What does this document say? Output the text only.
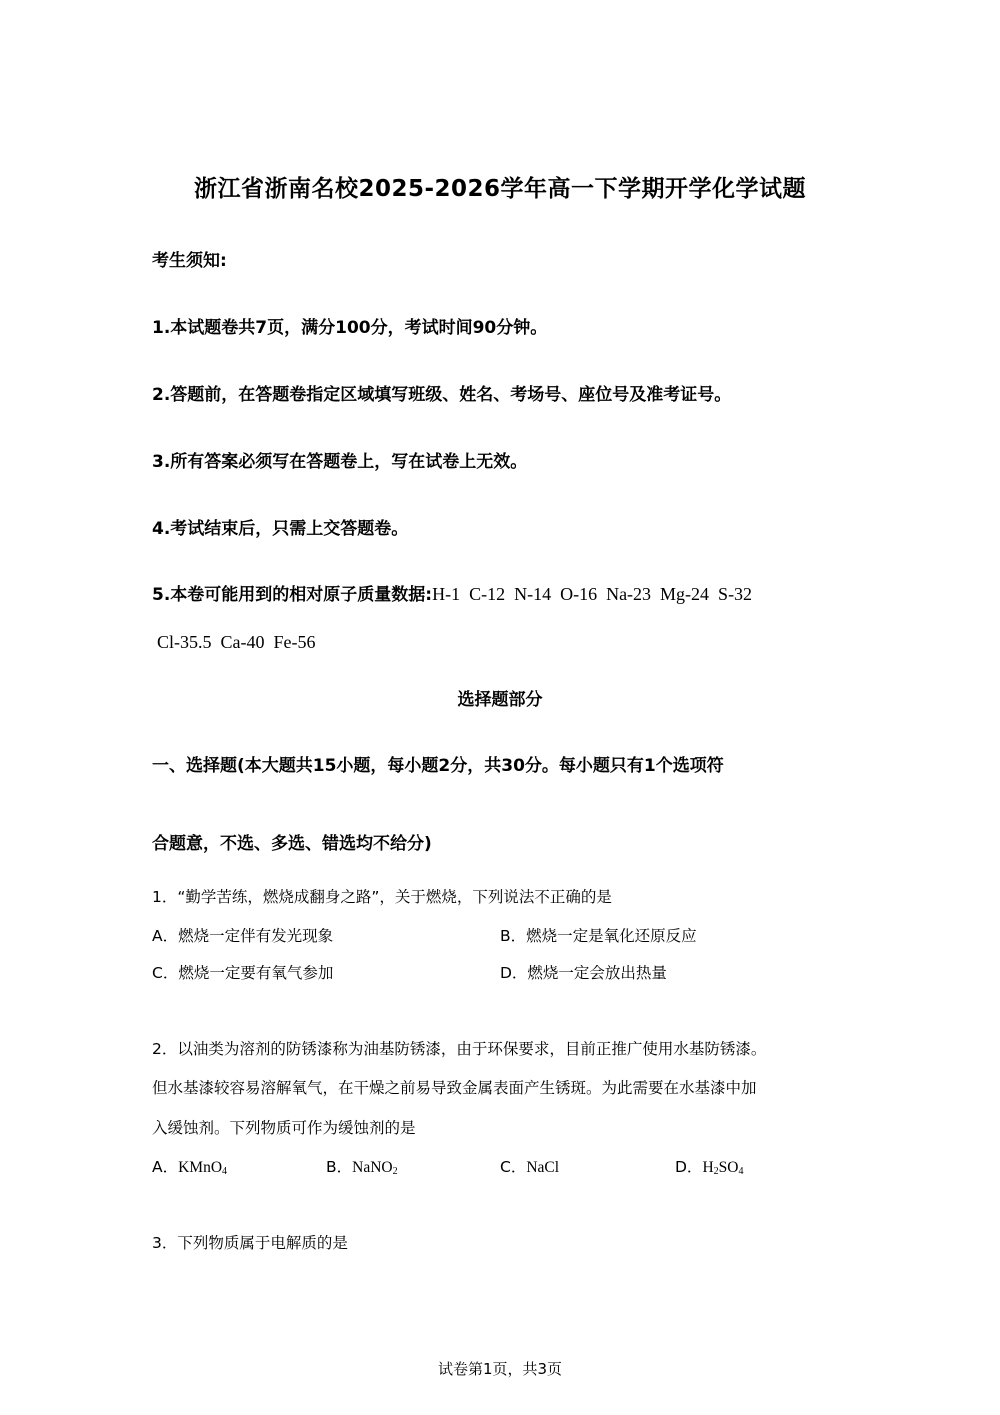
浙江省浙南名校2025-2026学年高一下学期开学化学试题
考生须知:
1.本试题卷共7页，满分100分，考试时间90分钟。
2.答题前，在答题卷指定区域填写班级、姓名、考场号、座位号及准考证号。
3.所有答案必须写在答题卷上，写在试卷上无效。
4.考试结束后，只需上交答题卷。
5.本卷可能用到的相对原子质量数据:H-1  C-12  N-14  O-16  Na-23  Mg-24  S-32
Cl-35.5  Ca-40  Fe-56
选择题部分
一、选择题(本大题共15小题，每小题2分，共30分。每小题只有1个选项符
合题意，不选、多选、错选均不给分)
1．“勤学苦练，燃烧成翻身之路”，关于燃烧，下列说法不正确的是
A．燃烧一定伴有发光现象	B．燃烧一定是氧化还原反应
C．燃烧一定要有氧气参加	D．燃烧一定会放出热量
2．以油类为溶剂的防锈漆称为油基防锈漆，由于环保要求，目前正推广使用水基防锈漆。
但水基漆较容易溶解氧气，在干燥之前易导致金属表面产生锈斑。为此需要在水基漆中加
入缓蚀剂。下列物质可作为缓蚀剂的是
A．KMnO$_4$	B．NaNO$_2$	C．NaCl	D．$H_2SO_4$
3．下列物质属于电解质的是
试卷第1页，共3页
